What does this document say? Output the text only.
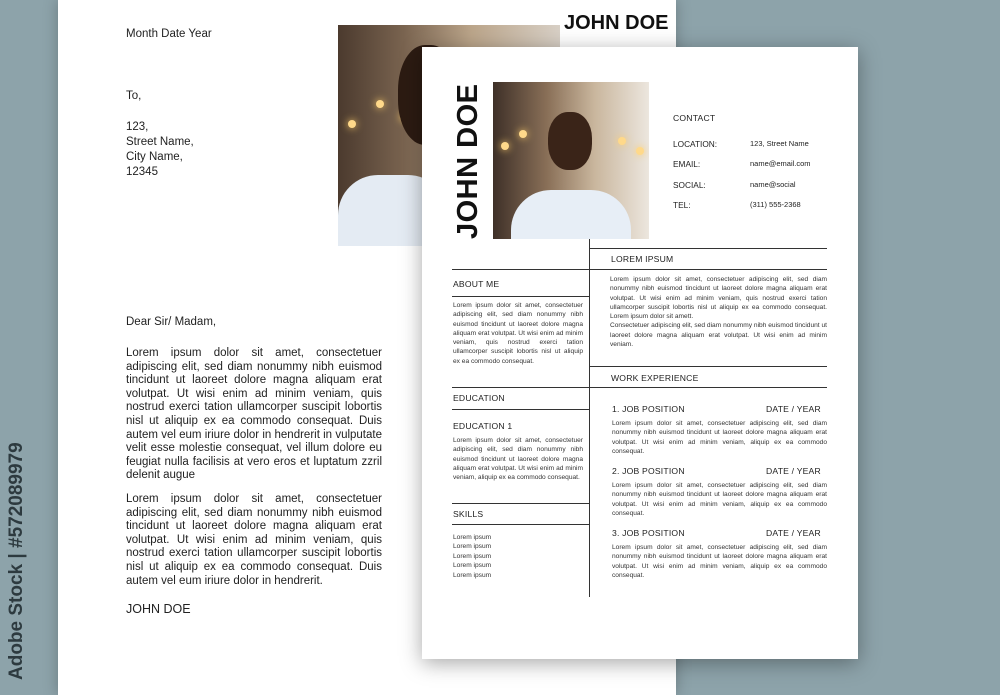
Adobe Stock | #572089979
Month Date Year
To,
123,
Street Name,
City Name,
12345
Dear Sir/ Madam,
Lorem ipsum dolor sit amet, consectetuer adipiscing elit, sed diam nonummy nibh euismod tincidunt ut laoreet dolore magna aliquam erat volutpat. Ut wisi enim ad minim veniam, quis nostrud exerci tation ullamcorper suscipit lobortis nisl ut aliquip ex ea commodo consequat. Duis autem vel eum iriure dolor in hendrerit in vulputate velit esse molestie consequat, vel illum dolore eu feugiat nulla facilisis at vero eros et luptatum zzril delenit augue
Lorem ipsum dolor sit amet, consectetuer adipiscing elit, sed diam nonummy nibh euismod tincidunt ut laoreet dolore magna aliquam erat volutpat. Ut wisi enim ad minim veniam, quis nostrud exerci tation ullamcorper suscipit lobortis nisl ut aliquip ex ea commodo consequat. Duis autem vel eum iriure dolor in hendrerit.
JOHN DOE
JOHN DOE
JOHN DOE	CONTACT
LOCATION:	123, Street Name
EMAIL:	name@email.com
SOCIAL:	name@social
TEL:	(311) 555-2368
LOREM IPSUM
Lorem ipsum dolor sit amet, consectetuer adipiscing elit, sed diam nonummy nibh euismod tincidunt ut laoreet dolore magna aliquam erat volutpat. Ut wisi enim ad minim veniam, quis nostrud exerci tation ullamcorper suscipit lobortis nisl ut aliquip ex ea commodo consequat. Lorem ipsum dolor sit amett.
Consectetuer adipiscing elit, sed diam nonummy nibh euismod tincidunt ut laoreet dolore magna aliquam erat volutpat. Ut wisi enim ad minim veniam.
ABOUT ME
Lorem ipsum dolor sit amet, consectetuer adipiscing elit, sed diam nonummy nibh euismod tincidunt ut laoreet dolore magna aliquam erat volutpat. Ut wisi enim ad minim veniam, quis nostrud exerci tation ullamcorper suscipit lobortis nisl ut aliquip ex ea commodo consequat.
EDUCATION
EDUCATION 1
Lorem ipsum dolor sit amet, consectetuer adipiscing elit, sed diam nonummy nibh euismod tincidunt ut laoreet dolore magna aliquam erat volutpat. Ut wisi enim ad minim veniam, aliquip ex ea commodo consequat.
SKILLS
Lorem ipsum
Lorem ipsum
Lorem ipsum
Lorem ipsum
Lorem ipsum
WORK EXPERIENCE
1. JOB POSITION	DATE / YEAR
Lorem ipsum dolor sit amet, consectetuer adipiscing elit, sed diam nonummy nibh euismod tincidunt ut laoreet dolore magna aliquam erat volutpat. Ut wisi enim ad minim veniam, aliquip ex ea commodo consequat.
2. JOB POSITION	DATE / YEAR
Lorem ipsum dolor sit amet, consectetuer adipiscing elit, sed diam nonummy nibh euismod tincidunt ut laoreet dolore magna aliquam erat volutpat. Ut wisi enim ad minim veniam, aliquip ex ea commodo consequat.
3. JOB POSITION	DATE / YEAR
Lorem ipsum dolor sit amet, consectetuer adipiscing elit, sed diam nonummy nibh euismod tincidunt ut laoreet dolore magna aliquam erat volutpat. Ut wisi enim ad minim veniam, aliquip ex ea commodo consequat.
